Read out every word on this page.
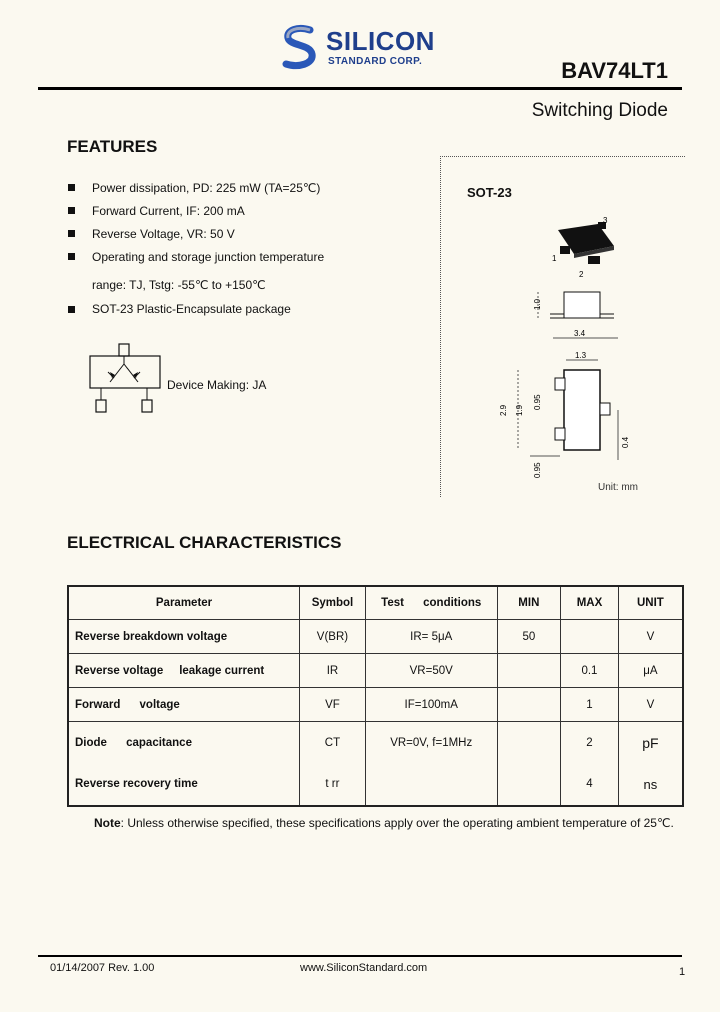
SILICON
STANDARD CORP.	BAV74LT1
Switching Diode
FEATURES
Power dissipation, PD: 225 mW (TA=25℃)
Forward Current, IF: 200 mA
Reverse Voltage, VR: 50 V
Operating and storage junction temperature
range: TJ, Tstg: -55℃ to +150℃
SOT-23 Plastic-Encapsulate package
Device Making: JA
SOT-23
1
2
3
1.0
3.4
1.3
2.9 1.9
0.95
0.95
0.4
Unit: mm
ELECTRICAL CHARACTERISTICS
Parameter	Symbol	Test      conditions	MIN	MAX	UNIT
Reverse breakdown voltage	V(BR)	IR= 5μA	50		V
Reverse voltage     leakage current	IR	VR=50V		0.1	μA
Forward      voltage	VF	IF=100mA		1	V
Diode      capacitance	CT	VR=0V, f=1MHz		2	pF
Reverse recovery time	t rr			4	ns
Note: Unless otherwise specified, these specifications apply over the operating ambient temperature of 25℃.
01/14/2007 Rev. 1.00	www.SiliconStandard.com	1
